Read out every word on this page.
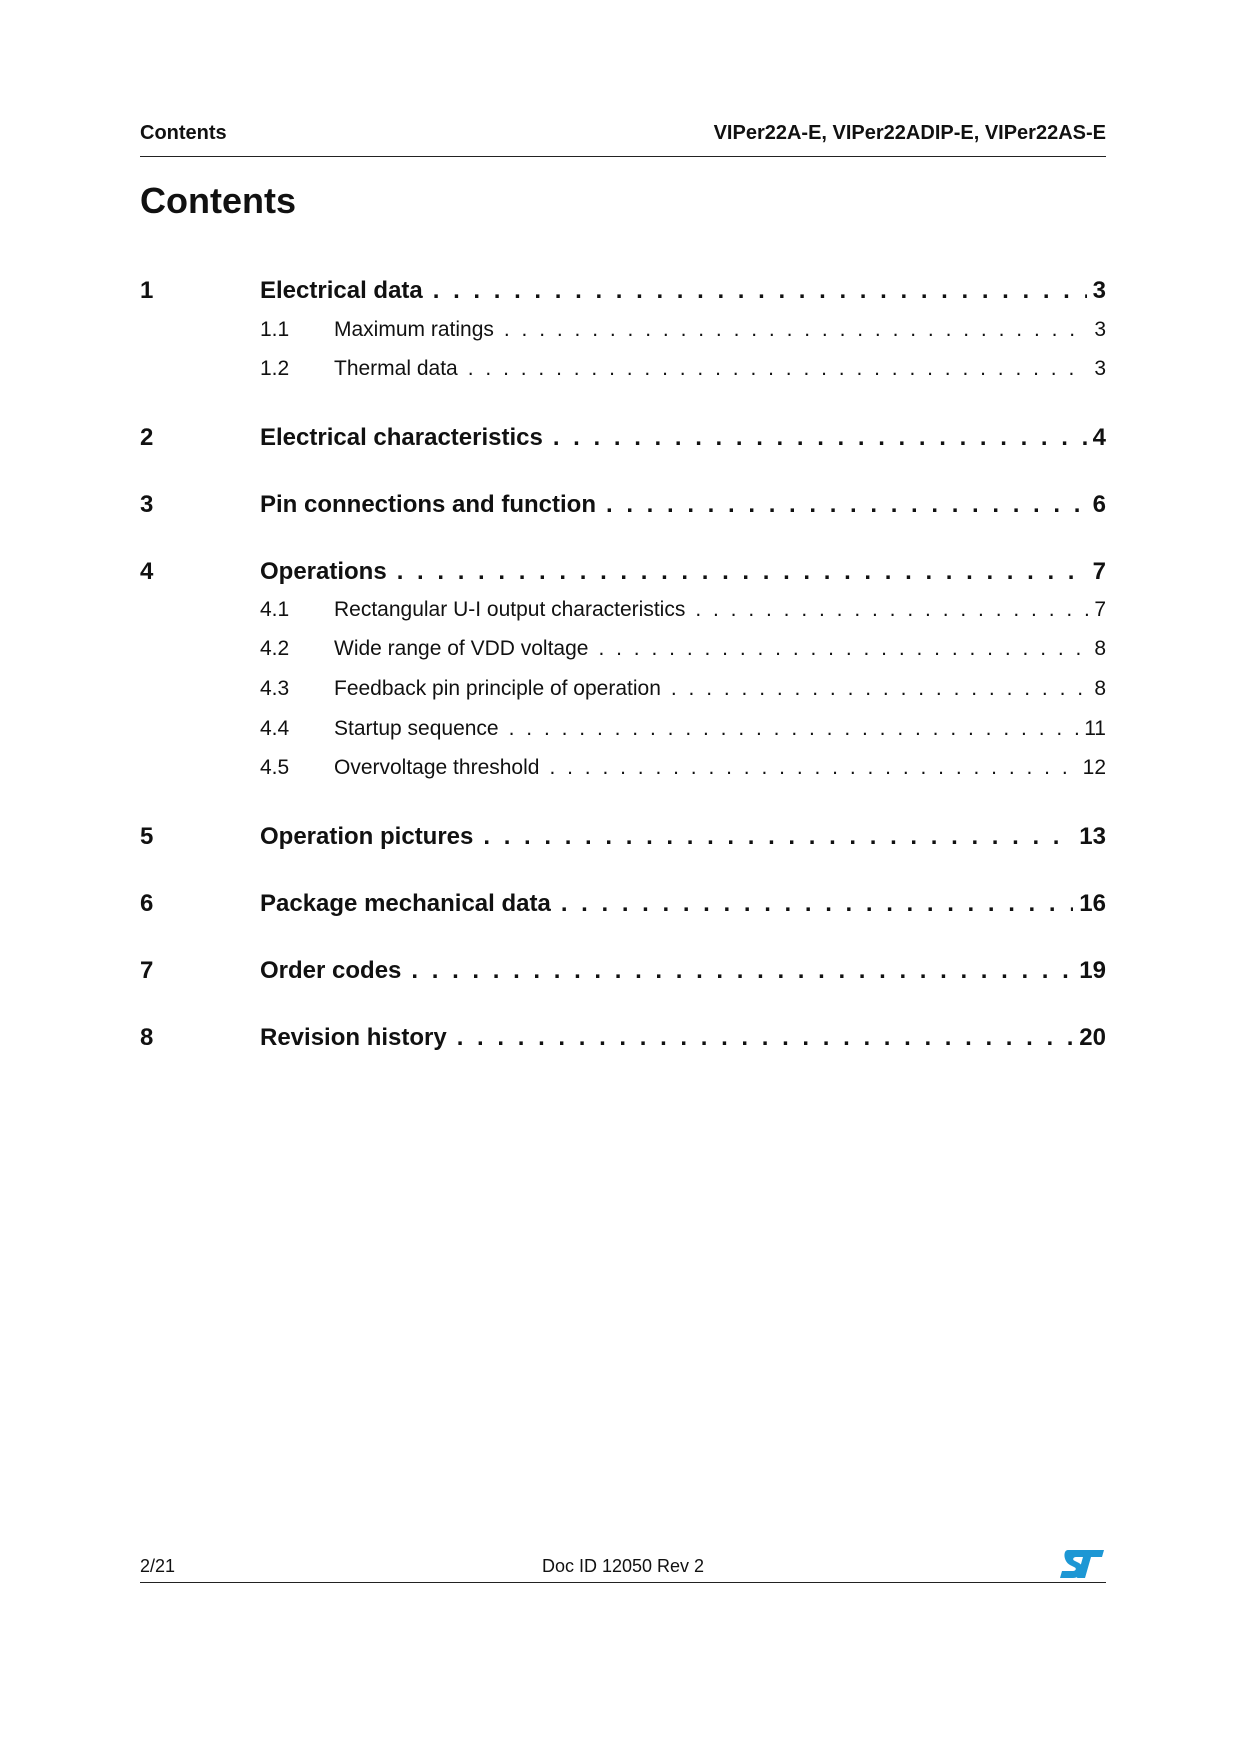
Contents	VIPer22A-E, VIPer22ADIP-E, VIPer22AS-E
Contents
1	Electrical data . . .	3
1.1	Maximum ratings . . .	3
1.2	Thermal data . . .	3
2	Electrical characteristics . . .	4
3	Pin connections and function . . .	6
4	Operations . . .	7
4.1	Rectangular U-I output characteristics . . .	7
4.2	Wide range of VDD voltage . . .	8
4.3	Feedback pin principle of operation . . .	8
4.4	Startup sequence . . .	11
4.5	Overvoltage threshold . . .	12
5	Operation pictures . . .	13
6	Package mechanical data . . .	16
7	Order codes . . .	19
8	Revision history . . .	20
2/21	Doc ID 12050 Rev 2
